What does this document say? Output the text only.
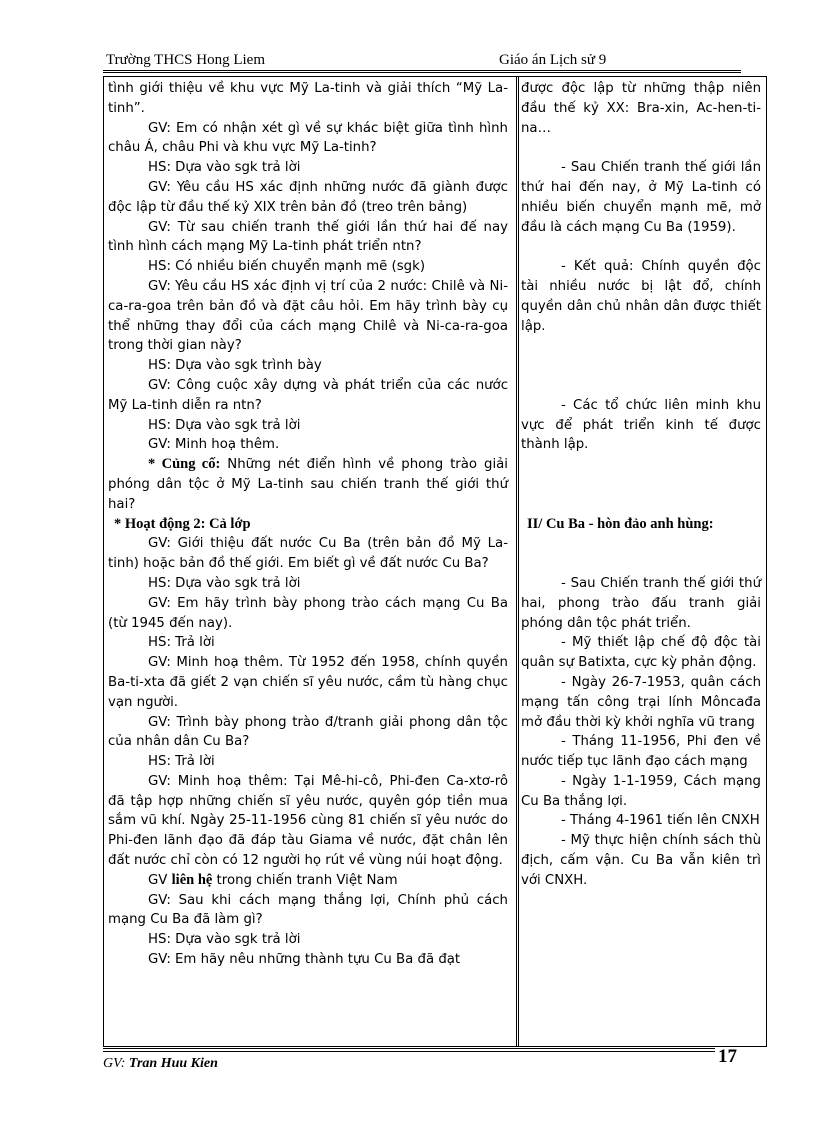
Trường THCS Hong Liem	Giáo án Lịch sử 9

tình giới thiệu về khu vực Mỹ La-tinh và giải thích “Mỹ La-tinh”.

GV: Em có nhận xét gì về sự khác biệt giữa tình hình châu Á, châu Phi và khu vực Mỹ La-tinh?

HS: Dựa vào sgk trả lời

GV: Yêu cầu HS xác định những nước đã giành được độc lập từ đầu thế kỷ XIX trên bản đồ (treo trên bảng)

GV: Từ sau chiến tranh thế giới lần thứ hai đế nay tình hình cách mạng Mỹ La-tinh phát triển ntn?

HS: Có nhiều biến chuyển mạnh mẽ (sgk)

GV: Yêu cầu HS xác định vị trí của 2 nước: Chilê và Ni-ca-ra-goa trên bản đồ và đặt câu hỏi. Em hãy trình bày cụ thể những thay đổi của cách mạng Chilê và Ni-ca-ra-goa trong thời gian này?

HS: Dựa vào sgk trình bày

GV: Công cuộc xây dựng và phát triển của các nước Mỹ La-tinh diễn ra ntn?

HS: Dựa vào sgk trả lời

GV: Minh hoạ thêm.

* Củng cố: Những nét điển hình về phong trào giải phóng dân tộc ở Mỹ La-tinh sau chiến tranh thế giới thứ hai?

* Hoạt động 2: Cả lớp

GV: Giới thiệu đất nước Cu Ba (trên bản đồ Mỹ La-tinh) hoặc bản đồ thế giới. Em biết gì về đất nước Cu Ba?

HS: Dựa vào sgk trả lời

GV: Em hãy trình bày phong trào cách mạng Cu Ba (từ 1945 đến nay).

HS: Trả lời

GV: Minh hoạ thêm. Từ 1952 đến 1958, chính quyền Ba-ti-xta đã giết 2 vạn chiến sĩ yêu nước, cầm tù hàng chục vạn người.

GV: Trình bày phong trào đ/tranh giải phong dân tộc của nhân dân Cu Ba?

HS: Trả lời

GV: Minh hoạ thêm: Tại Mê-hi-cô, Phi-đen Ca-xtơ-rô đã tập hợp những chiến sĩ yêu nước, quyên góp tiền mua sắm vũ khí. Ngày 25-11-1956 cùng 81 chiến sĩ yêu nước do Phi-đen lãnh đạo đã đáp tàu Giama về nước, đặt chân lên đất nước chỉ còn có 12 người họ rút về vùng núi hoạt động.

GV liên hệ trong chiến tranh Việt Nam

GV: Sau khi cách mạng thắng lợi, Chính phủ cách mạng Cu Ba đã làm gì?

HS: Dựa vào sgk trả lời

GV: Em hãy nêu những thành tựu Cu Ba đã đạt

được độc lập từ những thập niên đầu thế kỷ XX: Bra-xin, Ac-hen-ti-na…

- Sau Chiến tranh thế giới lần thứ hai đến nay, ở Mỹ La-tinh có nhiều biến chuyển mạnh mẽ, mở đầu là cách mạng Cu Ba (1959).

- Kết quả: Chính quyền độc tài nhiều nước bị lật đổ, chính quyền dân chủ nhân dân được thiết lập.

- Các tổ chức liên minh khu vực để phát triển kinh tế được thành lập.

II/ Cu Ba - hòn đảo anh hùng:

- Sau Chiến tranh thế giới thứ hai, phong trào đấu tranh giải phóng dân tộc phát triển.

- Mỹ thiết lập chế độ độc tài quân sự Batixta, cực kỳ phản động.

- Ngày 26-7-1953, quân cách mạng tấn công trại lính Môncađa mở đầu thời kỳ khởi nghĩa vũ trang

- Tháng 11-1956, Phi đen về nước tiếp tục lãnh đạo cách mạng

- Ngày 1-1-1959, Cách mạng Cu Ba thắng lợi.

- Tháng 4-1961 tiến lên CNXH

- Mỹ thực hiện chính sách thù địch, cấm vận. Cu Ba vẫn kiên trì với CNXH.

GV: Tran Huu Kien	17
